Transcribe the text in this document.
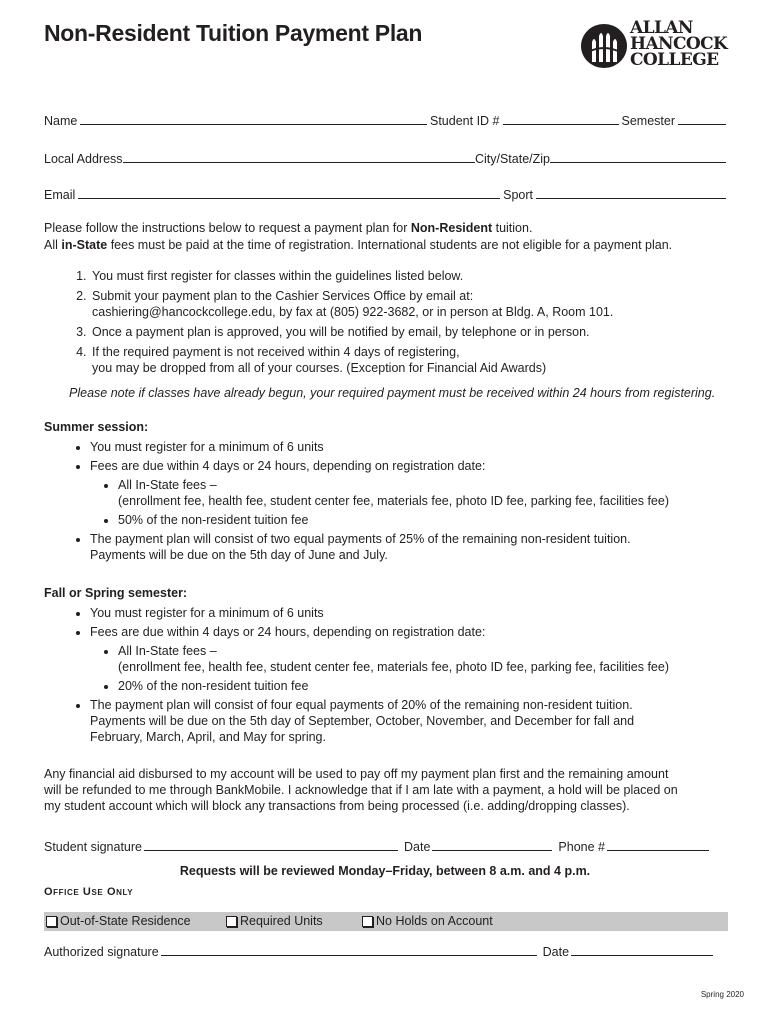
Non-Resident Tuition Payment Plan	ALLAN
HANCOCK
COLLEGE
Name	Student ID #	Semester
Local Address	City/State/Zip
Email	Sport

Please follow the instructions below to request a payment plan for Non-Resident tuition.

All in-State fees must be paid at the time of registration. International students are not eligible for a payment plan.

1. You must first register for classes within the guidelines listed below.
2. Submit your payment plan to the Cashier Services Office by email at:
cashiering@hancockcollege.edu, by fax at (805) 922-3682, or in person at Bldg. A, Room 101.
3. Once a payment plan is approved, you will be notified by email, by telephone or in person.
4. If the required payment is not received within 4 days of registering,
you may be dropped from all of your courses. (Exception for Financial Aid Awards)
Please note if classes have already begun, your required payment must be received within 24 hours from registering.

Summer session:

• You must register for a minimum of 6 units
• Fees are due within 4 days or 24 hours, depending on registration date:
• All In-State fees –
(enrollment fee, health fee, student center fee, materials fee, photo ID fee, parking fee, facilities fee)
• 50% of the non-resident tuition fee
• The payment plan will consist of two equal payments of 25% of the remaining non-resident tuition.
Payments will be due on the 5th day of June and July.

Fall or Spring semester:

• You must register for a minimum of 6 units
• Fees are due within 4 days or 24 hours, depending on registration date:
• All In-State fees –
(enrollment fee, health fee, student center fee, materials fee, photo ID fee, parking fee, facilities fee)
• 20% of the non-resident tuition fee
• The payment plan will consist of four equal payments of 20% of the remaining non-resident tuition.
Payments will be due on the 5th day of September, October, November, and December for fall and
February, March, April, and May for spring.

Any financial aid disbursed to my account will be used to pay off my payment plan first and the remaining amount

will be refunded to me through BankMobile. I acknowledge that if I am late with a payment, a hold will be placed on

my student account which will block any transactions from being processed (i.e. adding/dropping classes).

Student signature	Date	Phone #
Requests will be reviewed Monday–Friday, between 8 a.m. and 4 p.m.
Office Use Only
Out-of-State Residence	Required Units	No Holds on Account
Authorized signature	Date
Spring 2020
